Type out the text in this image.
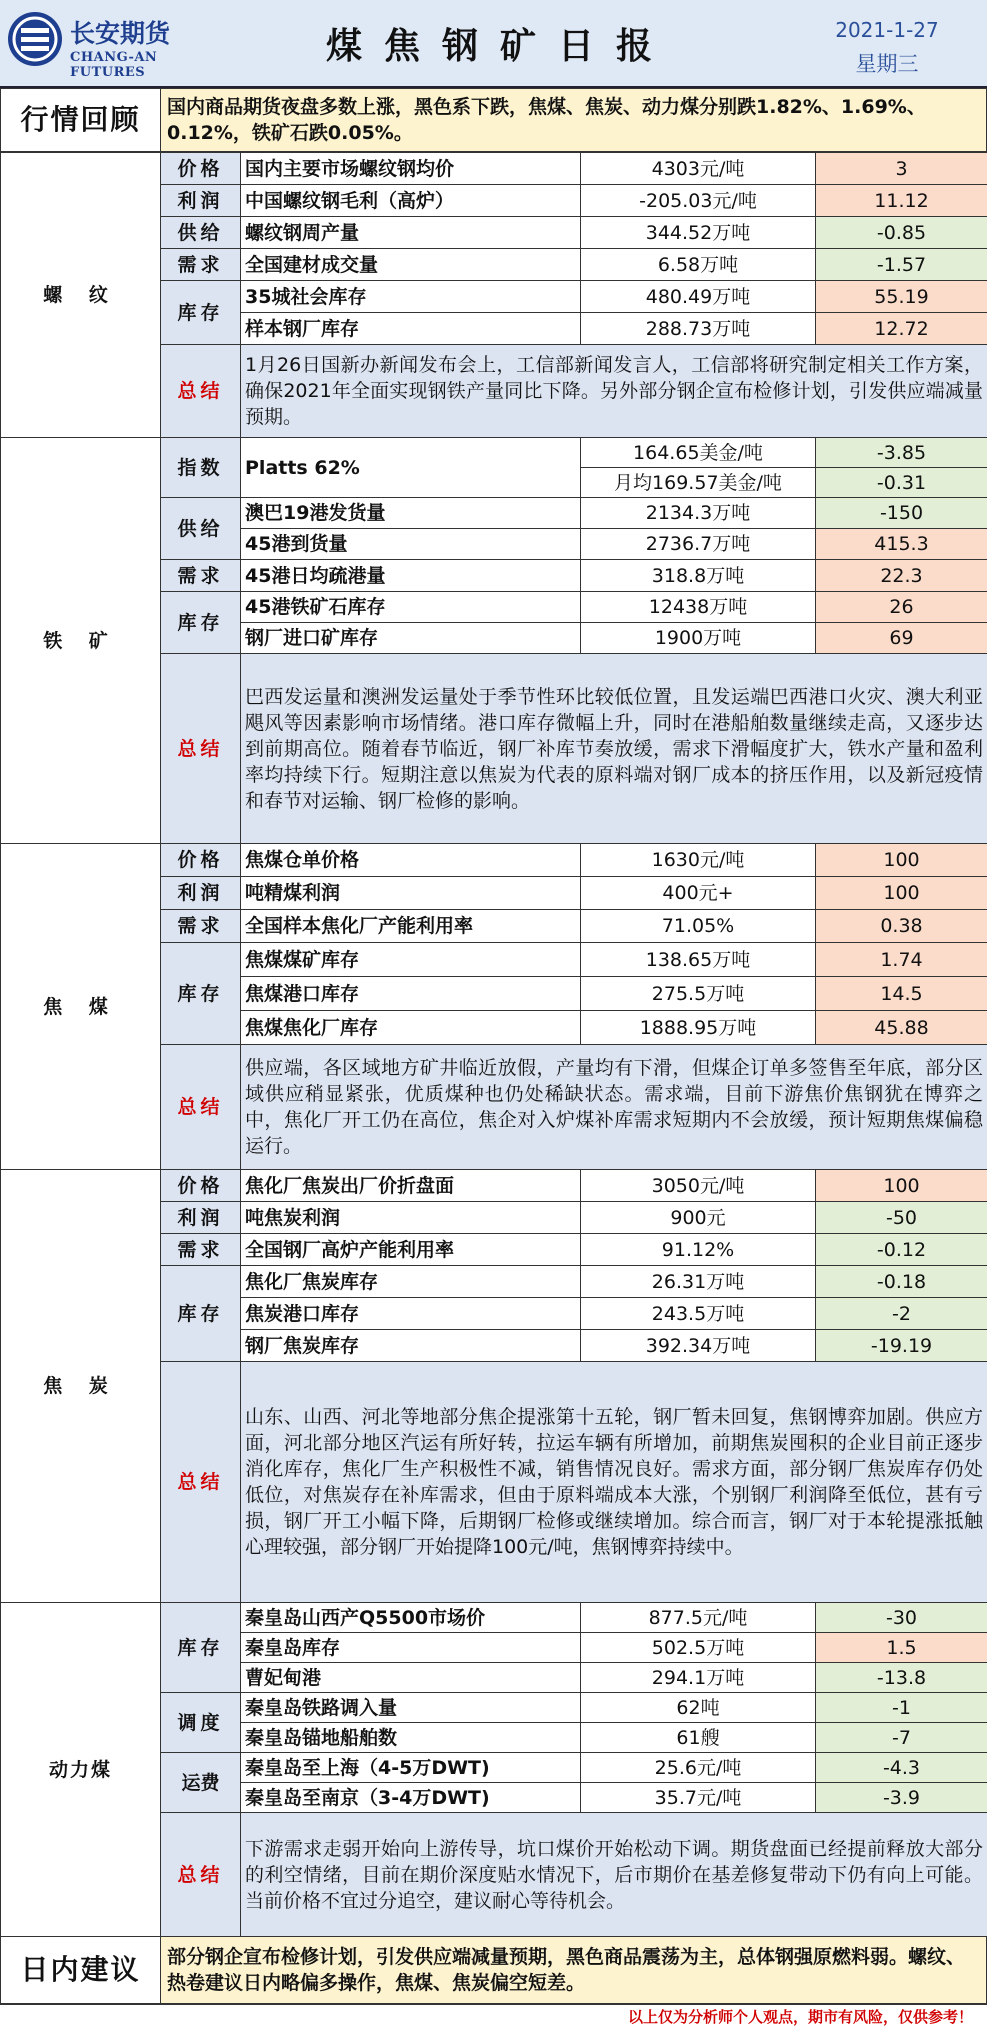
长安期货
CHANG-AN FUTURES
煤焦钢矿日报	2021-1-27
星期三
行情回顾	国内商品期货夜盘多数上涨，黑色系下跌，焦煤、焦炭、动力煤分别跌1.82%、1.69%、0.12%，铁矿石跌0.05%。
螺 纹	价格	国内主要市场螺纹钢均价	4303元/吨	3
	利润	中国螺纹钢毛利（高炉）	-205.03元/吨	11.12
	供给	螺纹钢周产量	344.52万吨	-0.85
	需求	全国建材成交量	6.58万吨	-1.57
	库存	35城社会库存	480.49万吨	55.19
		样本钢厂库存	288.73万吨	12.72
	总结	1月26日国新办新闻发布会上，工信部新闻发言人，工信部将研究制定相关工作方案，确保2021年全面实现钢铁产量同比下降。另外部分钢企宣布检修计划，引发供应端减量预期。		
铁 矿	指数	Platts 62%	164.65美金/吨	-3.85
			月均169.57美金/吨	-0.31
	供给	澳巴19港发货量	2134.3万吨	-150
		45港到货量	2736.7万吨	415.3
	需求	45港日均疏港量	318.8万吨	22.3
	库存	45港铁矿石库存	12438万吨	26
		钢厂进口矿库存	1900万吨	69
	总结	巴西发运量和澳洲发运量处于季节性环比较低位置，且发运端巴西港口火灾、澳大利亚飓风等因素影响市场情绪。港口库存微幅上升，同时在港船舶数量继续走高，又逐步达到前期高位。随着春节临近，钢厂补库节奏放缓，需求下滑幅度扩大，铁水产量和盈利率均持续下行。短期注意以焦炭为代表的原料端对钢厂成本的挤压作用，以及新冠疫情和春节对运输、钢厂检修的影响。		
焦 煤	价格	焦煤仓单价格	1630元/吨	100
	利润	吨精煤利润	400元+	100
	需求	全国样本焦化厂产能利用率	71.05%	0.38
	库存	焦煤煤矿库存	138.65万吨	1.74
		焦煤港口库存	275.5万吨	14.5
		焦煤焦化厂库存	1888.95万吨	45.88
	总结	供应端，各区域地方矿井临近放假，产量均有下滑，但煤企订单多签售至年底，部分区域供应稍显紧张，优质煤种也仍处稀缺状态。需求端，目前下游焦价焦钢犹在博弈之中，焦化厂开工仍在高位，焦企对入炉煤补库需求短期内不会放缓，预计短期焦煤偏稳运行。		
焦 炭	价格	焦化厂焦炭出厂价折盘面	3050元/吨	100
	利润	吨焦炭利润	900元	-50
	需求	全国钢厂高炉产能利用率	91.12%	-0.12
	库存	焦化厂焦炭库存	26.31万吨	-0.18
		焦炭港口库存	243.5万吨	-2
		钢厂焦炭库存	392.34万吨	-19.19
	总结	山东、山西、河北等地部分焦企提涨第十五轮，钢厂暂未回复，焦钢博弈加剧。供应方面，河北部分地区汽运有所好转，拉运车辆有所增加，前期焦炭囤积的企业目前正逐步消化库存，焦化厂生产积极性不减，销售情况良好。需求方面，部分钢厂焦炭库存仍处低位，对焦炭存在补库需求，但由于原料端成本大涨，个别钢厂利润降至低位，甚有亏损，钢厂开工小幅下降，后期钢厂检修或继续增加。综合而言，钢厂对于本轮提涨抵触心理较强，部分钢厂开始提降100元/吨，焦钢博弈持续中。		
动力煤	库存	秦皇岛山西产Q5500市场价	877.5元/吨	-30
		秦皇岛库存	502.5万吨	1.5
		曹妃甸港	294.1万吨	-13.8
	调度	秦皇岛铁路调入量	62吨	-1
		秦皇岛锚地船舶数	61艘	-7
	运费	秦皇岛至上海（4-5万DWT)	25.6元/吨	-4.3
		秦皇岛至南京（3-4万DWT)	35.7元/吨	-3.9
	总结	下游需求走弱开始向上游传导，坑口煤价开始松动下调。期货盘面已经提前释放大部分的利空情绪，目前在期价深度贴水情况下，后市期价在基差修复带动下仍有向上可能。当前价格不宜过分追空，建议耐心等待机会。		
日内建议	部分钢企宣布检修计划，引发供应端减量预期，黑色商品震荡为主，总体钢强原燃料弱。螺纹、热卷建议日内略偏多操作，焦煤、焦炭偏空短差。
以上仅为分析师个人观点，期市有风险，仅供参考！
